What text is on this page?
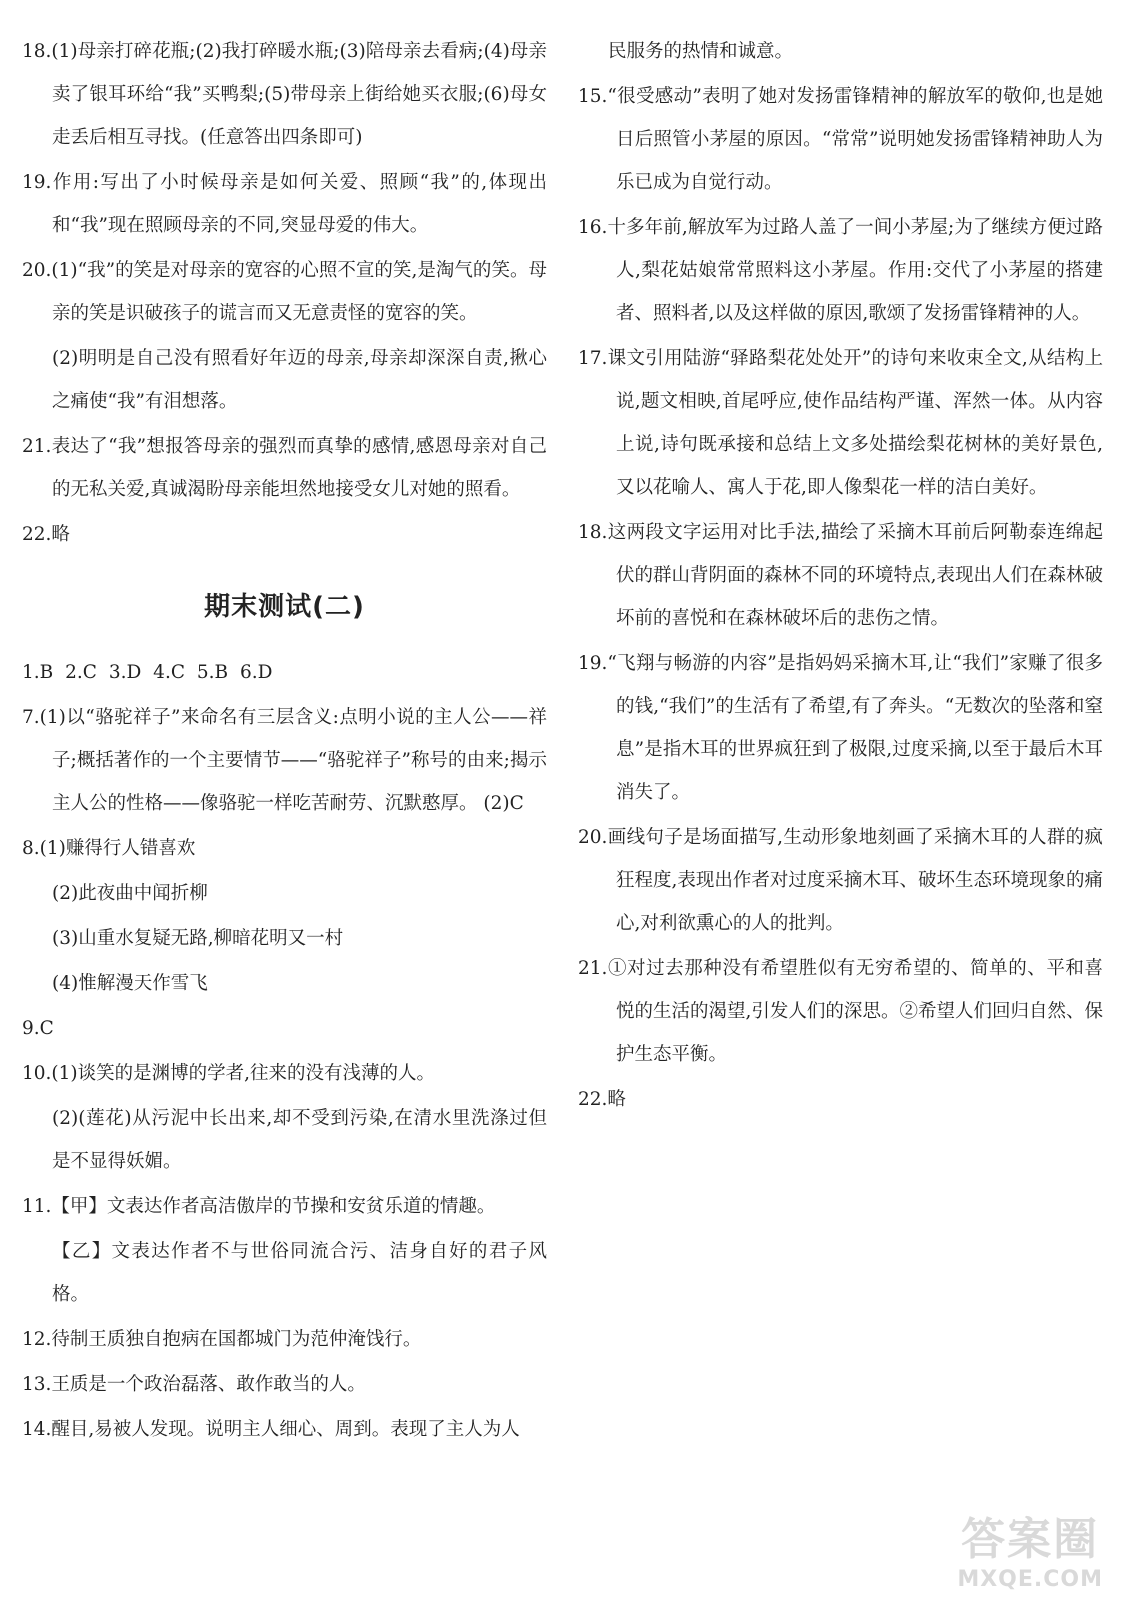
18.(1)母亲打碎花瓶;(2)我打碎暖水瓶;(3)陪母亲去看病;(4)母亲卖了银耳环给“我”买鸭梨;(5)带母亲上街给她买衣服;(6)母女走丢后相互寻找。(任意答出四条即可)

19.作用:写出了小时候母亲是如何关爱、照顾“我”的,体现出和“我”现在照顾母亲的不同,突显母爱的伟大。

20.(1)“我”的笑是对母亲的宽容的心照不宣的笑,是淘气的笑。母亲的笑是识破孩子的谎言而又无意责怪的宽容的笑。

(2)明明是自己没有照看好年迈的母亲,母亲却深深自责,揪心之痛使“我”有泪想落。

21.表达了“我”想报答母亲的强烈而真挚的感情,感恩母亲对自己的无私关爱,真诚渴盼母亲能坦然地接受女儿对她的照看。

22.略

期末测试(二)

1.B 2.C 3.D 4.C 5.B 6.D

7.(1)以“骆驼祥子”来命名有三层含义:点明小说的主人公——祥子;概括著作的一个主要情节——“骆驼祥子”称号的由来;揭示主人公的性格——像骆驼一样吃苦耐劳、沉默憨厚。 (2)C

8.(1)赚得行人错喜欢

(2)此夜曲中闻折柳

(3)山重水复疑无路,柳暗花明又一村

(4)惟解漫天作雪飞

9.C

10.(1)谈笑的是渊博的学者,往来的没有浅薄的人。

(2)(莲花)从污泥中长出来,却不受到污染,在清水里洗涤过但是不显得妖媚。

11.【甲】文表达作者高洁傲岸的节操和安贫乐道的情趣。

【乙】文表达作者不与世俗同流合污、洁身自好的君子风格。

12.待制王质独自抱病在国都城门为范仲淹饯行。

13.王质是一个政治磊落、敢作敢当的人。

14.醒目,易被人发现。说明主人细心、周到。表现了主人为人

民服务的热情和诚意。

15.“很受感动”表明了她对发扬雷锋精神的解放军的敬仰,也是她日后照管小茅屋的原因。“常常”说明她发扬雷锋精神助人为乐已成为自觉行动。

16.十多年前,解放军为过路人盖了一间小茅屋;为了继续方便过路人,梨花姑娘常常照料这小茅屋。作用:交代了小茅屋的搭建者、照料者,以及这样做的原因,歌颂了发扬雷锋精神的人。

17.课文引用陆游“驿路梨花处处开”的诗句来收束全文,从结构上说,题文相映,首尾呼应,使作品结构严谨、浑然一体。从内容上说,诗句既承接和总结上文多处描绘梨花树林的美好景色,又以花喻人、寓人于花,即人像梨花一样的洁白美好。

18.这两段文字运用对比手法,描绘了采摘木耳前后阿勒泰连绵起伏的群山背阴面的森林不同的环境特点,表现出人们在森林破坏前的喜悦和在森林破坏后的悲伤之情。

19.“飞翔与畅游的内容”是指妈妈采摘木耳,让“我们”家赚了很多的钱,“我们”的生活有了希望,有了奔头。“无数次的坠落和窒息”是指木耳的世界疯狂到了极限,过度采摘,以至于最后木耳消失了。

20.画线句子是场面描写,生动形象地刻画了采摘木耳的人群的疯狂程度,表现出作者对过度采摘木耳、破坏生态环境现象的痛心,对利欲熏心的人的批判。

21.①对过去那种没有希望胜似有无穷希望的、简单的、平和喜悦的生活的渴望,引发人们的深思。②希望人们回归自然、保护生态平衡。

22.略

答案圈
MXQE.COM
